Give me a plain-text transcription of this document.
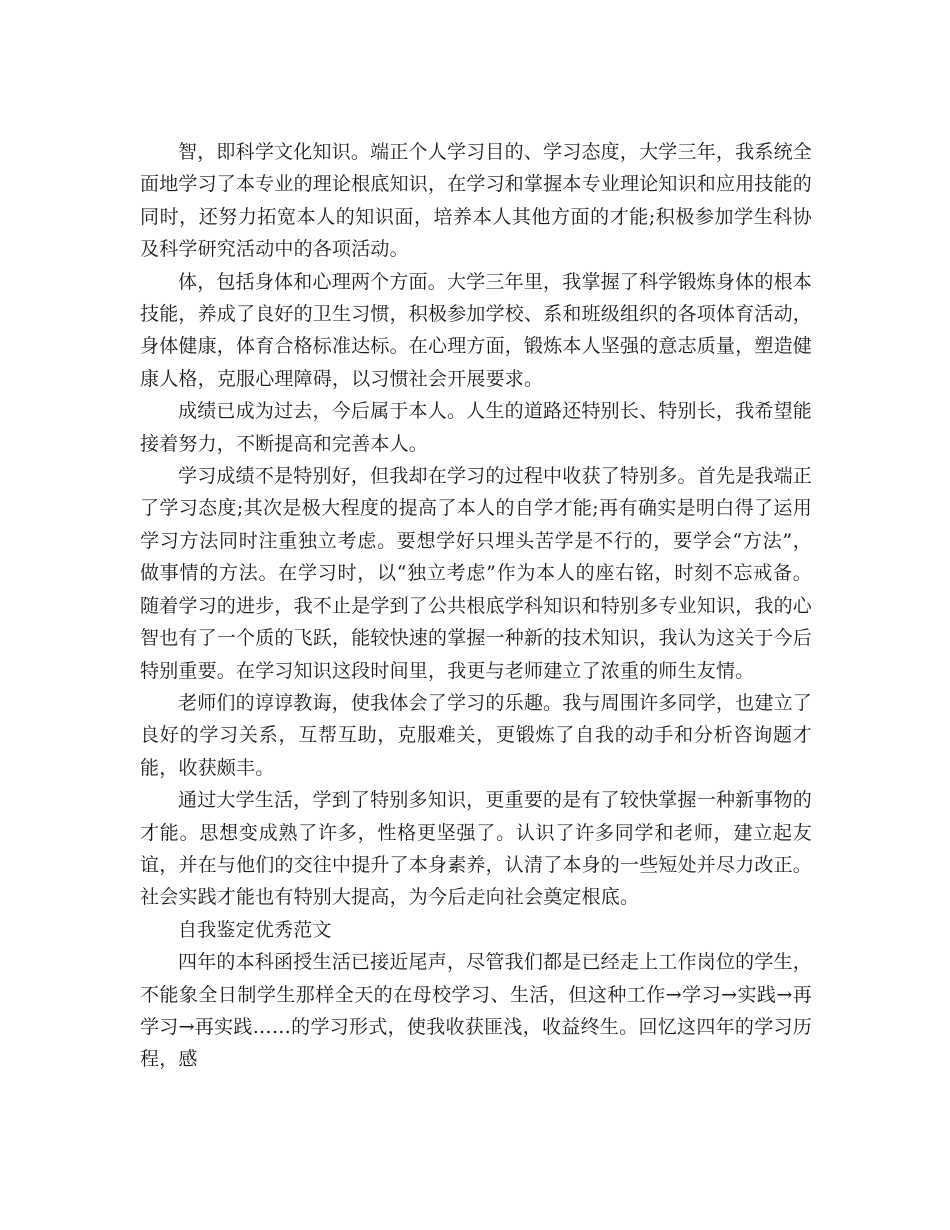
智，即科学文化知识。端正个人学习目的、学习态度，大学三年，我系统全面地学习了本专业的理论根底知识，在学习和掌握本专业理论知识和应用技能的同时，还努力拓宽本人的知识面，培养本人其他方面的才能;积极参加学生科协及科学研究活动中的各项活动。

体，包括身体和心理两个方面。大学三年里，我掌握了科学锻炼身体的根本技能，养成了良好的卫生习惯，积极参加学校、系和班级组织的各项体育活动，身体健康，体育合格标准达标。在心理方面，锻炼本人坚强的意志质量，塑造健康人格，克服心理障碍，以习惯社会开展要求。

成绩已成为过去，今后属于本人。人生的道路还特别长、特别长，我希望能接着努力，不断提高和完善本人。

学习成绩不是特别好，但我却在学习的过程中收获了特别多。首先是我端正了学习态度;其次是极大程度的提高了本人的自学才能;再有确实是明白得了运用学习方法同时注重独立考虑。要想学好只埋头苦学是不行的，要学会“方法”，做事情的方法。在学习时，以“独立考虑”作为本人的座右铭，时刻不忘戒备。随着学习的进步，我不止是学到了公共根底学科知识和特别多专业知识，我的心智也有了一个质的飞跃，能较快速的掌握一种新的技术知识，我认为这关于今后特别重要。在学习知识这段时间里，我更与老师建立了浓重的师生友情。

老师们的谆谆教诲，使我体会了学习的乐趣。我与周围许多同学，也建立了良好的学习关系，互帮互助，克服难关，更锻炼了自我的动手和分析咨询题才能，收获颇丰。

通过大学生活，学到了特别多知识，更重要的是有了较快掌握一种新事物的才能。思想变成熟了许多，性格更坚强了。认识了许多同学和老师，建立起友谊，并在与他们的交往中提升了本身素养，认清了本身的一些短处并尽力改正。社会实践才能也有特别大提高，为今后走向社会奠定根底。

自我鉴定优秀范文

四年的本科函授生活已接近尾声，尽管我们都是已经走上工作岗位的学生，不能象全日制学生那样全天的在母校学习、生活，但这种工作→学习→实践→再学习→再实践……的学习形式，使我收获匪浅，收益终生。回忆这四年的学习历程，感
